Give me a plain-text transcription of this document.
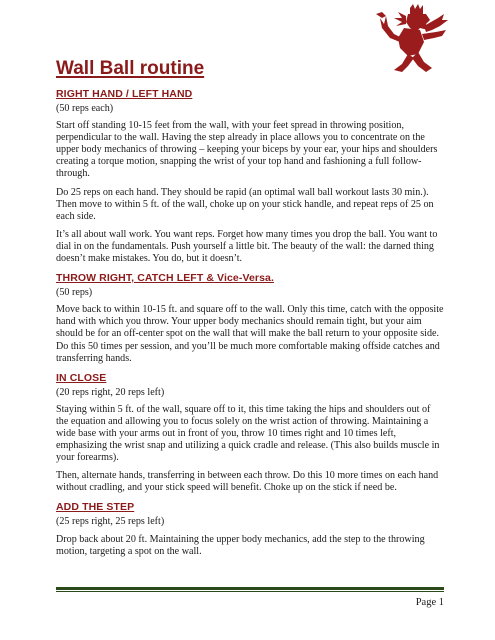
Wall Ball routine
RIGHT HAND / LEFT HAND

(50 reps each)

Start off standing 10-15 feet from the wall, with your feet spread in throwing position, perpendicular to the wall. Having the step already in place allows you to concentrate on the upper body mechanics of throwing – keeping your biceps by your ear, your hips and shoulders creating a torque motion, snapping the wrist of your top hand and fashioning a full follow-through.

Do 25 reps on each hand. They should be rapid (an optimal wall ball workout lasts 30 min.). Then move to within 5 ft. of the wall, choke up on your stick handle, and repeat reps of 25 on each side.

It’s all about wall work. You want reps. Forget how many times you drop the ball. You want to dial in on the fundamentals. Push yourself a little bit. The beauty of the wall: the darned thing doesn’t make mistakes. You do, but it doesn’t.

THROW RIGHT, CATCH LEFT & Vice-Versa.

(50 reps)

Move back to within 10-15 ft. and square off to the wall. Only this time, catch with the opposite hand with which you throw. Your upper body mechanics should remain tight, but your aim should be for an off-center spot on the wall that will make the ball return to your opposite side. Do this 50 times per session, and you’ll be much more comfortable making offside catches and transferring hands.

IN CLOSE

(20 reps right, 20 reps left)

Staying within 5 ft. of the wall, square off to it, this time taking the hips and shoulders out of the equation and allowing you to focus solely on the wrist action of throwing. Maintaining a wide base with your arms out in front of you, throw 10 times right and 10 times left, emphasizing the wrist snap and utilizing a quick cradle and release. (This also builds muscle in your forearms).

Then, alternate hands, transferring in between each throw. Do this 10 more times on each hand without cradling, and your stick speed will benefit. Choke up on the stick if need be.

ADD THE STEP

(25 reps right, 25 reps left)

Drop back about 20 ft. Maintaining the upper body mechanics, add the step to the throwing motion, targeting a spot on the wall.

Page 1
